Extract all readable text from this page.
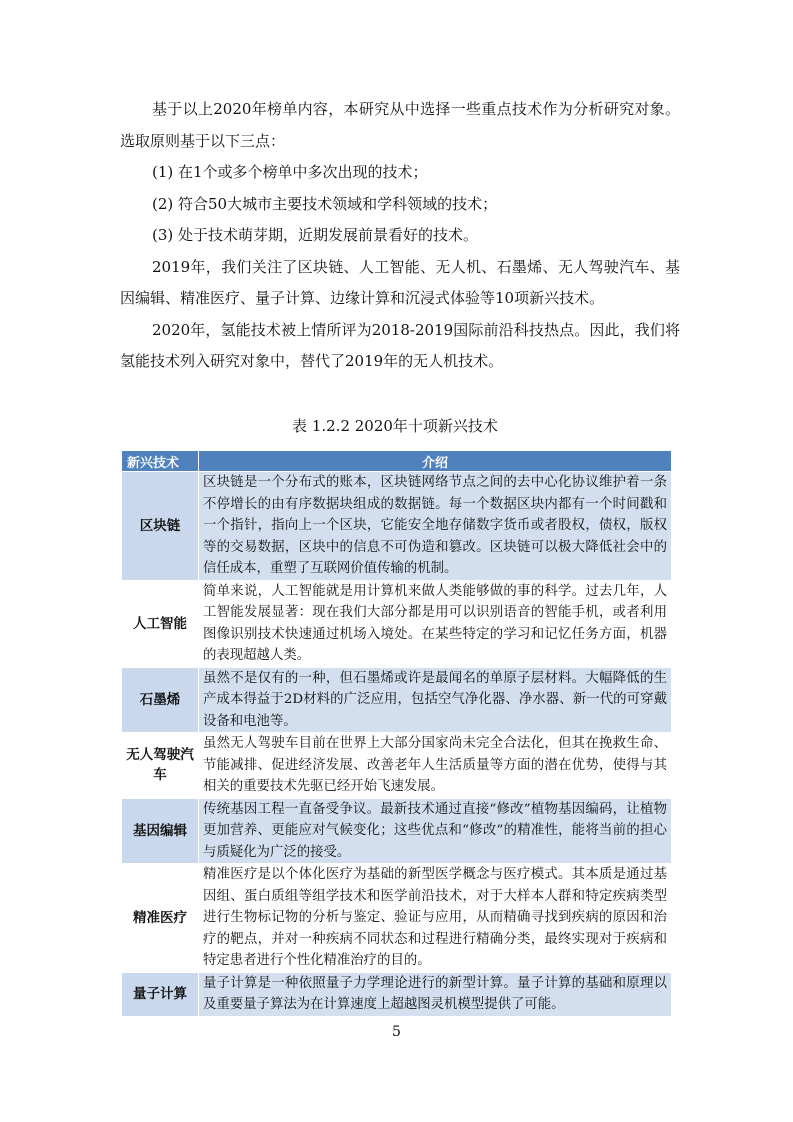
基于以上2020年榜单内容，本研究从中选择一些重点技术作为分析研究对象。选取原则基于以下三点：

(1) 在1个或多个榜单中多次出现的技术；

(2) 符合50大城市主要技术领域和学科领域的技术；

(3) 处于技术萌芽期，近期发展前景看好的技术。

2019年，我们关注了区块链、人工智能、无人机、石墨烯、无人驾驶汽车、基因编辑、精准医疗、量子计算、边缘计算和沉浸式体验等10项新兴技术。

2020年，氢能技术被上情所评为2018-2019国际前沿科技热点。因此，我们将氢能技术列入研究对象中，替代了2019年的无人机技术。

表 1.2.2 2020年十项新兴技术

新兴技术	介绍
区块链	区块链是一个分布式的账本，区块链网络节点之间的去中心化协议维护着一条不停增长的由有序数据块组成的数据链。每一个数据区块内都有一个时间戳和一个指针，指向上一个区块，它能安全地存储数字货币或者股权，债权，版权等的交易数据，区块中的信息不可伪造和篡改。区块链可以极大降低社会中的信任成本，重塑了互联网价值传输的机制。
人工智能	简单来说，人工智能就是用计算机来做人类能够做的事的科学。过去几年，人工智能发展显著：现在我们大部分都是用可以识别语音的智能手机，或者利用图像识别技术快速通过机场入境处。在某些特定的学习和记忆任务方面，机器的表现超越人类。
石墨烯	虽然不是仅有的一种，但石墨烯或许是最闻名的单原子层材料。大幅降低的生产成本得益于2D材料的广泛应用，包括空气净化器、净水器、新一代的可穿戴设备和电池等。
无人驾驶汽车	虽然无人驾驶车目前在世界上大部分国家尚未完全合法化，但其在挽救生命、节能减排、促进经济发展、改善老年人生活质量等方面的潜在优势，使得与其相关的重要技术先驱已经开始飞速发展。
基因编辑	传统基因工程一直备受争议。最新技术通过直接“修改”植物基因编码，让植物更加营养、更能应对气候变化；这些优点和“修改”的精准性，能将当前的担心与质疑化为广泛的接受。
精准医疗	精准医疗是以个体化医疗为基础的新型医学概念与医疗模式。其本质是通过基因组、蛋白质组等组学技术和医学前沿技术，对于大样本人群和特定疾病类型进行生物标记物的分析与鉴定、验证与应用，从而精确寻找到疾病的原因和治疗的靶点，并对一种疾病不同状态和过程进行精确分类，最终实现对于疾病和特定患者进行个性化精准治疗的目的。
量子计算	量子计算是一种依照量子力学理论进行的新型计算。量子计算的基础和原理以及重要量子算法为在计算速度上超越图灵机模型提供了可能。

5
